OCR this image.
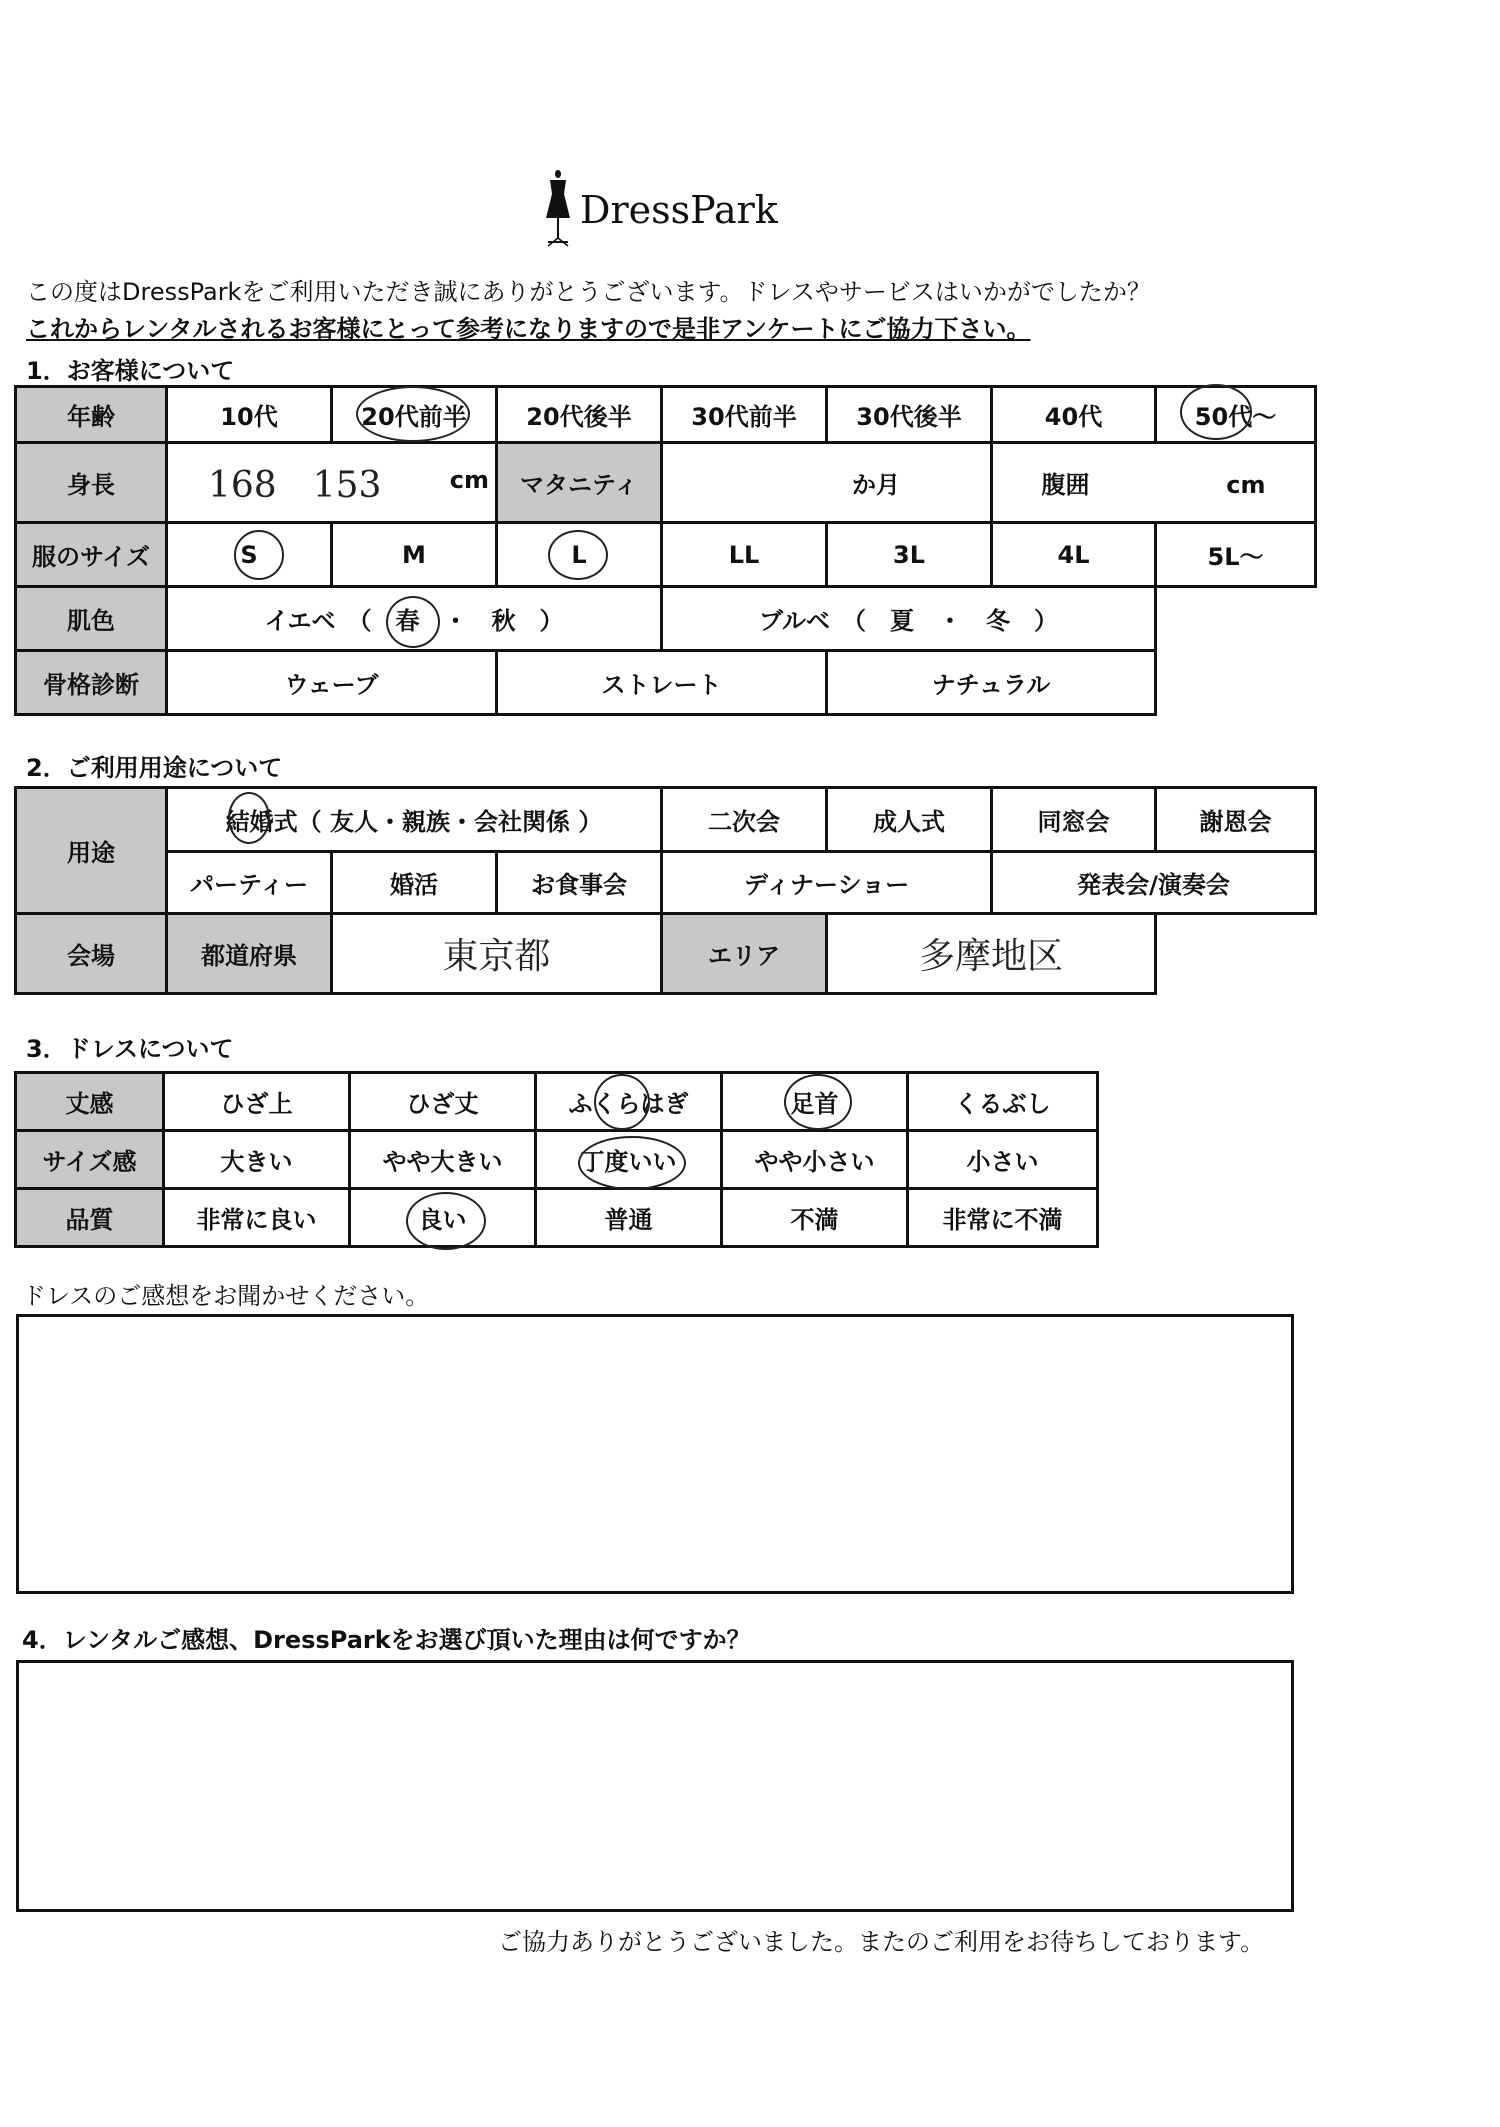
DressPark
この度はDressParkをご利用いただき誠にありがとうございます。ドレスやサービスはいかがでしたか？
これからレンタルされるお客様にとって参考になりますので是非アンケートにご協力下さい。
1．お客様について
年齢	10代	20代前半	20代後半	30代前半	30代後半	40代	50代～
身長	168　153 cm		マタニティ	か月		腹囲 cm	
服のサイズ	S	M	L	LL	3L	4L	5L～
肌色	イエベ　（　春　・　秋　）			ブルベ　（　夏　・　冬　）			
骨格診断	ウェーブ		ストレート		ナチュラル		
2．ご利用用途について
用途	結婚式（ 友人・親族・会社関係 ）			二次会	成人式	同窓会	謝恩会
	パーティー	婚活	お食事会	ディナーショー		発表会/演奏会	
会場	都道府県	東京都		エリア	多摩地区		
3．ドレスについて
丈感	ひざ上	ひざ丈	ふくらはぎ	足首	くるぶし
サイズ感	大きい	やや大きい	丁度いい	やや小さい	小さい
品質	非常に良い	良い	普通	不満	非常に不満
ドレスのご感想をお聞かせください。
4．レンタルご感想、DressParkをお選び頂いた理由は何ですか？
ご協力ありがとうございました。またのご利用をお待ちしております。
